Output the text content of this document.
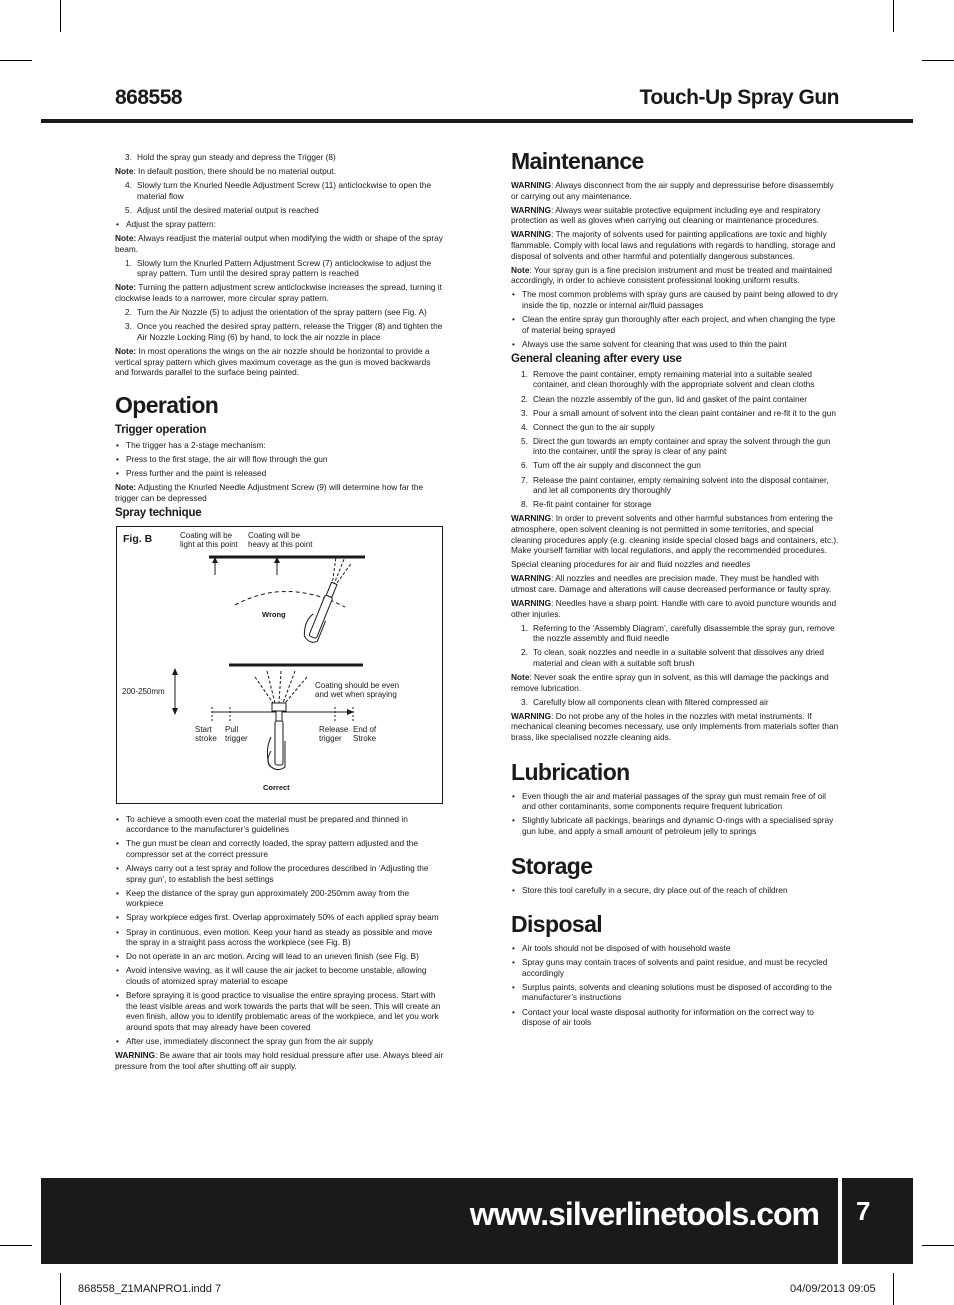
868558	Touch-Up Spray Gun
3. Hold the spray gun steady and depress the Trigger (8)
Note: In default position, there should be no material output.
4. Slowly turn the Knurled Needle Adjustment Screw (11) anticlockwise to open the material flow
5. Adjust until the desired material output is reached
• Adjust the spray pattern:
Note: Always readjust the material output when modifying the width or shape of the spray beam.
1. Slowly turn the Knurled Pattern Adjustment Screw (7) anticlockwise to adjust the spray pattern. Turn until the desired spray pattern is reached
Note: Turning the pattern adjustment screw anticlockwise increases the spread, turning it clockwise leads to a narrower, more circular spray pattern.
2. Turn the Air Nozzle (5) to adjust the orientation of the spray pattern (see Fig. A)
3. Once you reached the desired spray pattern, release the Trigger (8) and tighten the Air Nozzle Locking Ring (6) by hand, to lock the air nozzle in place
Note: In most operations the wings on the air nozzle should be horizontal to provide a vertical spray pattern which gives maximum coverage as the gun is moved backwards and forwards parallel to the surface being painted.
Operation
Trigger operation
• The trigger has a 2-stage mechanism:
• Press to the first stage, the air will flow through the gun
• Press further and the paint is released
Note: Adjusting the Knurled Needle Adjustment Screw (9) will determine how far the trigger can be depressed
Spray technique
Fig. B	Coating will be light at this point
Coating will be heavy at this point
Wrong
200-250mm
Coating should be even and wet when spraying
Start stroke
Pull trigger
Release trigger
End of Stroke
Correct
• To achieve a smooth even coat the material must be prepared and thinned in accordance to the manufacturer’s guidelines
• The gun must be clean and correctly loaded, the spray pattern adjusted and the compressor set at the correct pressure
• Always carry out a test spray and follow the procedures described in ‘Adjusting the spray gun’, to establish the best settings
• Keep the distance of the spray gun approximately 200-250mm away from the workpiece
• Spray workpiece edges first. Overlap approximately 50% of each applied spray beam
• Spray in continuous, even motion. Keep your hand as steady as possible and move the spray in a straight pass across the workpiece (see Fig. B)
• Do not operate in an arc motion. Arcing will lead to an uneven finish (see Fig. B)
• Avoid intensive waving, as it will cause the air jacket to become unstable, allowing clouds of atomized spray material to escape
• Before spraying it is good practice to visualise the entire spraying process. Start with the least visible areas and work towards the parts that will be seen. This will create an even finish, allow you to identify problematic areas of the workpiece, and let you work around spots that may already have been covered
• After use, immediately disconnect the spray gun from the air supply
WARNING: Be aware that air tools may hold residual pressure after use. Always bleed air pressure from the tool after shutting off air supply.
Maintenance
WARNING: Always disconnect from the air supply and depressurise before disassembly or carrying out any maintenance.
WARNING: Always wear suitable protective equipment including eye and respiratory protection as well as gloves when carrying out cleaning or maintenance procedures.
WARNING: The majority of solvents used for painting applications are toxic and highly flammable. Comply with local laws and regulations with regards to handling, storage and disposal of solvents and other harmful and potentially dangerous substances.
Note: Your spray gun is a fine precision instrument and must be treated and maintained accordingly, in order to achieve consistent professional looking uniform results.
• The most common problems with spray guns are caused by paint being allowed to dry inside the tip, nozzle or internal air/fluid passages
• Clean the entire spray gun thoroughly after each project, and when changing the type of material being sprayed
• Always use the same solvent for cleaning that was used to thin the paint
General cleaning after every use
1. Remove the paint container, empty remaining material into a suitable sealed container, and clean thoroughly with the appropriate solvent and clean cloths
2. Clean the nozzle assembly of the gun, lid and gasket of the paint container
3. Pour a small amount of solvent into the clean paint container and re-fit it to the gun
4. Connect the gun to the air supply
5. Direct the gun towards an empty container and spray the solvent through the gun into the container, until the spray is clear of any paint
6. Turn off the air supply and disconnect the gun
7. Release the paint container, empty remaining solvent into the disposal container, and let all components dry thoroughly
8. Re-fit paint container for storage
WARNING: In order to prevent solvents and other harmful substances from entering the atmosphere, open solvent cleaning is not permitted in some territories, and special cleaning procedures apply (e.g. cleaning inside special closed bags and containers, etc.). Make yourself familiar with local regulations, and apply the recommended procedures.
Special cleaning procedures for air and fluid nozzles and needles
WARNING: All nozzles and needles are precision made. They must be handled with utmost care. Damage and alterations will cause decreased performance or faulty spray.
WARNING: Needles have a sharp point. Handle with care to avoid puncture wounds and other injuries.
1. Referring to the ‘Assembly Diagram’, carefully disassemble the spray gun, remove the nozzle assembly and fluid needle
2. To clean, soak nozzles and needle in a suitable solvent that dissolves any dried material and clean with a suitable soft brush
Note: Never soak the entire spray gun in solvent, as this will damage the packings and remove lubrication.
3. Carefully blow all components clean with filtered compressed air
WARNING: Do not probe any of the holes in the nozzles with metal instruments. If mechanical cleaning becomes necessary, use only implements from materials softer than brass, like specialised nozzle cleaning aids.
Lubrication
• Even though the air and material passages of the spray gun must remain free of oil and other contaminants, some components require frequent lubrication
• Slightly lubricate all packings, bearings and dynamic O-rings with a specialised spray gun lube, and apply a small amount of petroleum jelly to springs
Storage
• Store this tool carefully in a secure, dry place out of the reach of children
Disposal
• Air tools should not be disposed of with household waste
• Spray guns may contain traces of solvents and paint residue, and must be recycled accordingly
• Surplus paints, solvents and cleaning solutions must be disposed of according to the manufacturer’s instructions
• Contact your local waste disposal authority for information on the correct way to dispose of air tools
www.silverlinetools.com 7
868558_Z1MANPRO1.indd 7	04/09/2013 09:05
